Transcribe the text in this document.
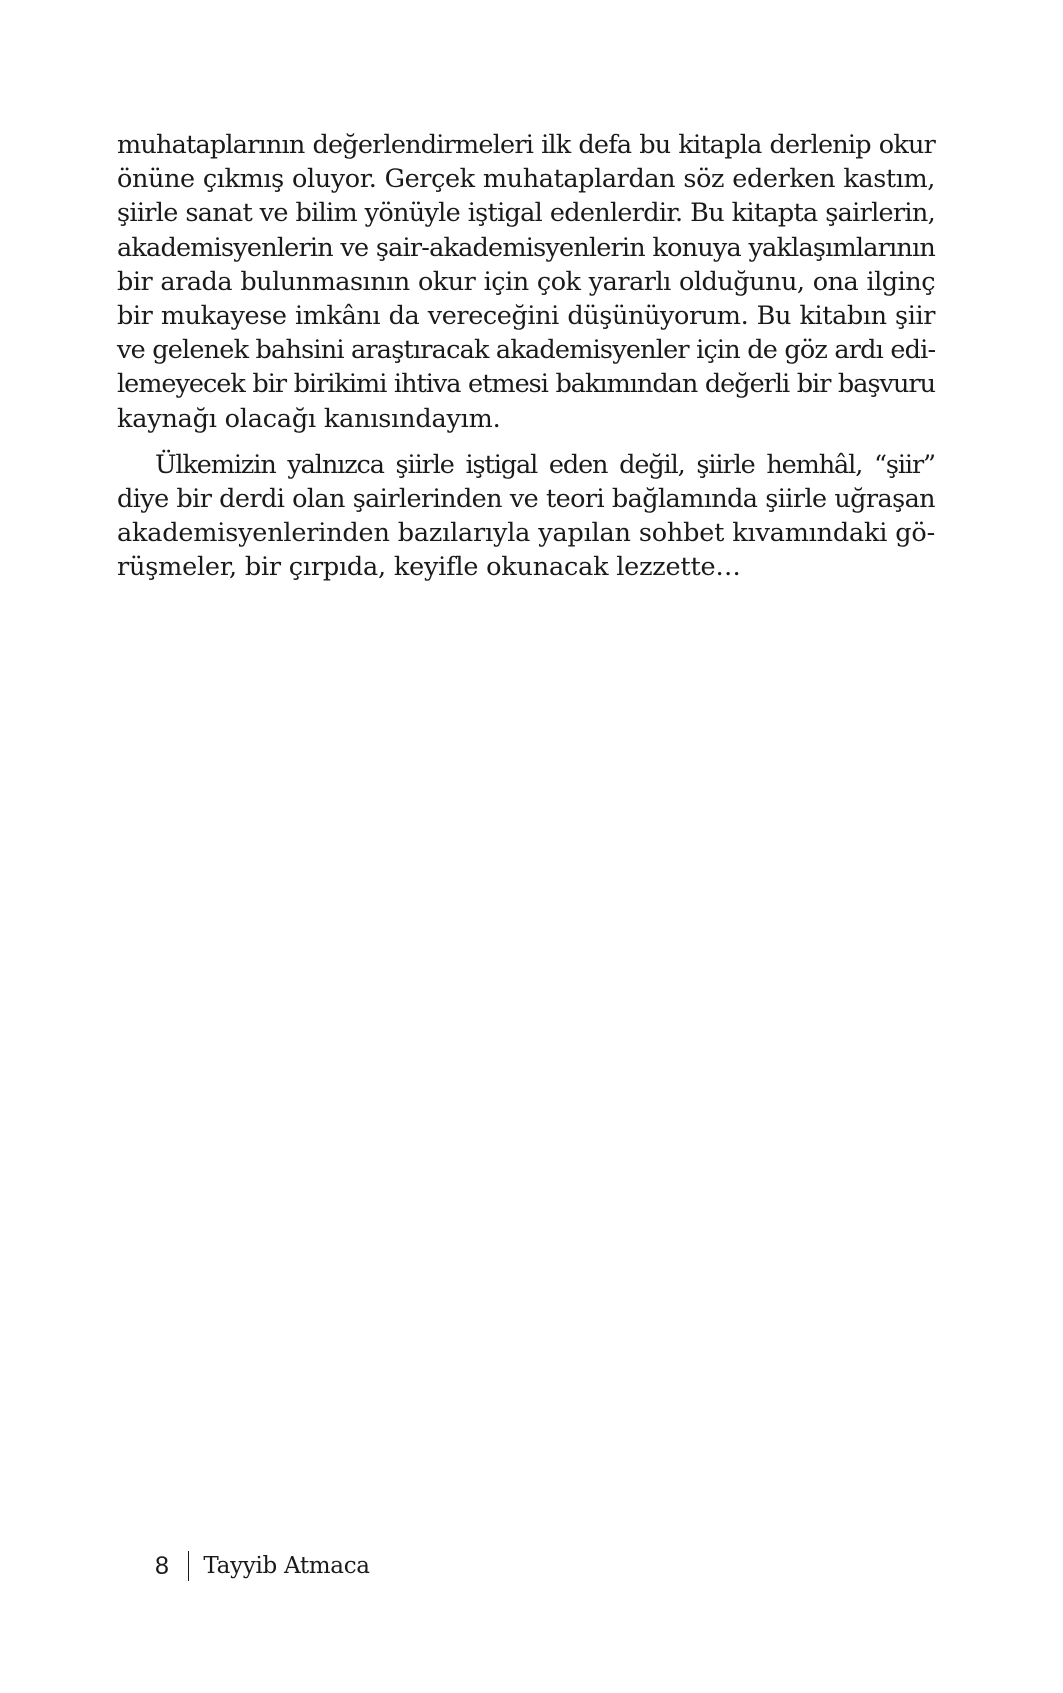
muhataplarının değerlendirmeleri ilk defa bu kitapla derlenip okur
önüne çıkmış oluyor. Gerçek muhataplardan söz ederken kastım,
şiirle sanat ve bilim yönüyle iştigal edenlerdir. Bu kitapta şairlerin,
akademisyenlerin ve şair-akademisyenlerin konuya yaklaşımlarının
bir arada bulunmasının okur için çok yararlı olduğunu, ona ilginç
bir mukayese imkânı da vereceğini düşünüyorum. Bu kitabın şiir
ve gelenek bahsini araştıracak akademisyenler için de göz ardı edi-
lemeyecek bir birikimi ihtiva etmesi bakımından değerli bir başvuru
kaynağı olacağı kanısındayım.

Ülkemizin yalnızca şiirle iştigal eden değil, şiirle hemhâl, “şiir”
diye bir derdi olan şairlerinden ve teori bağlamında şiirle uğraşan
akademisyenlerinden bazılarıyla yapılan sohbet kıvamındaki gö-
rüşmeler, bir çırpıda, keyifle okunacak lezzette…

8 Tayyib Atmaca
